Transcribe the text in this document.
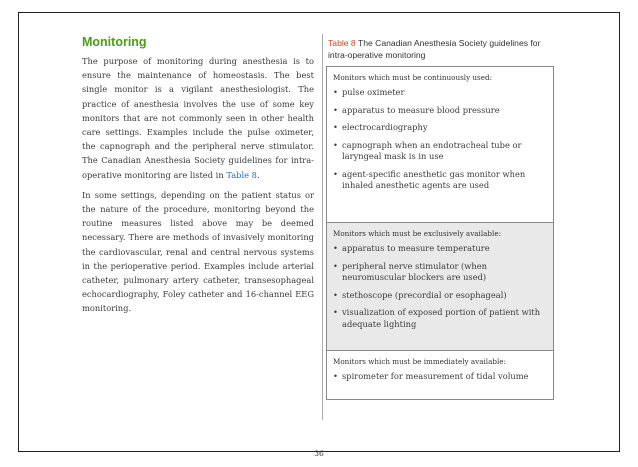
Monitoring

The purpose of monitoring during anesthesia is to ensure the maintenance of homeostasis. The best single monitor is a vigilant anesthesiologist. The practice of anesthesia involves the use of some key monitors that are not commonly seen in other health care settings. Examples include the pulse oximeter, the capnograph and the peripheral nerve stimulator. The Canadian Anesthesia Society guidelines for intra-operative monitoring are listed in Table 8.

In some settings, depending on the patient status or the nature of the procedure, monitoring beyond the routine measures listed above may be deemed necessary. There are methods of invasively monitoring the cardiovascular, renal and central nervous systems in the perioperative period. Examples include arterial catheter, pulmonary artery catheter, transesophageal echocardiography, Foley catheter and 16-channel EEG monitoring.

Table 8 The Canadian Anesthesia Society guidelines for intra-operative monitoring
Monitors which must be continuously used:
• pulse oximeter
• apparatus to measure blood pressure
• electrocardiography
• capnograph when an endotracheal tube or laryngeal mask is in use
• agent-specific anesthetic gas monitor when inhaled anesthetic agents are used
Monitors which must be exclusively available:
• apparatus to measure temperature
• peripheral nerve stimulator (when neuromuscular blockers are used)
• stethoscope (precordial or esophageal)
• visualization of exposed portion of patient with adequate lighting
Monitors which must be immediately available:
• spirometer for measurement of tidal volume
36
